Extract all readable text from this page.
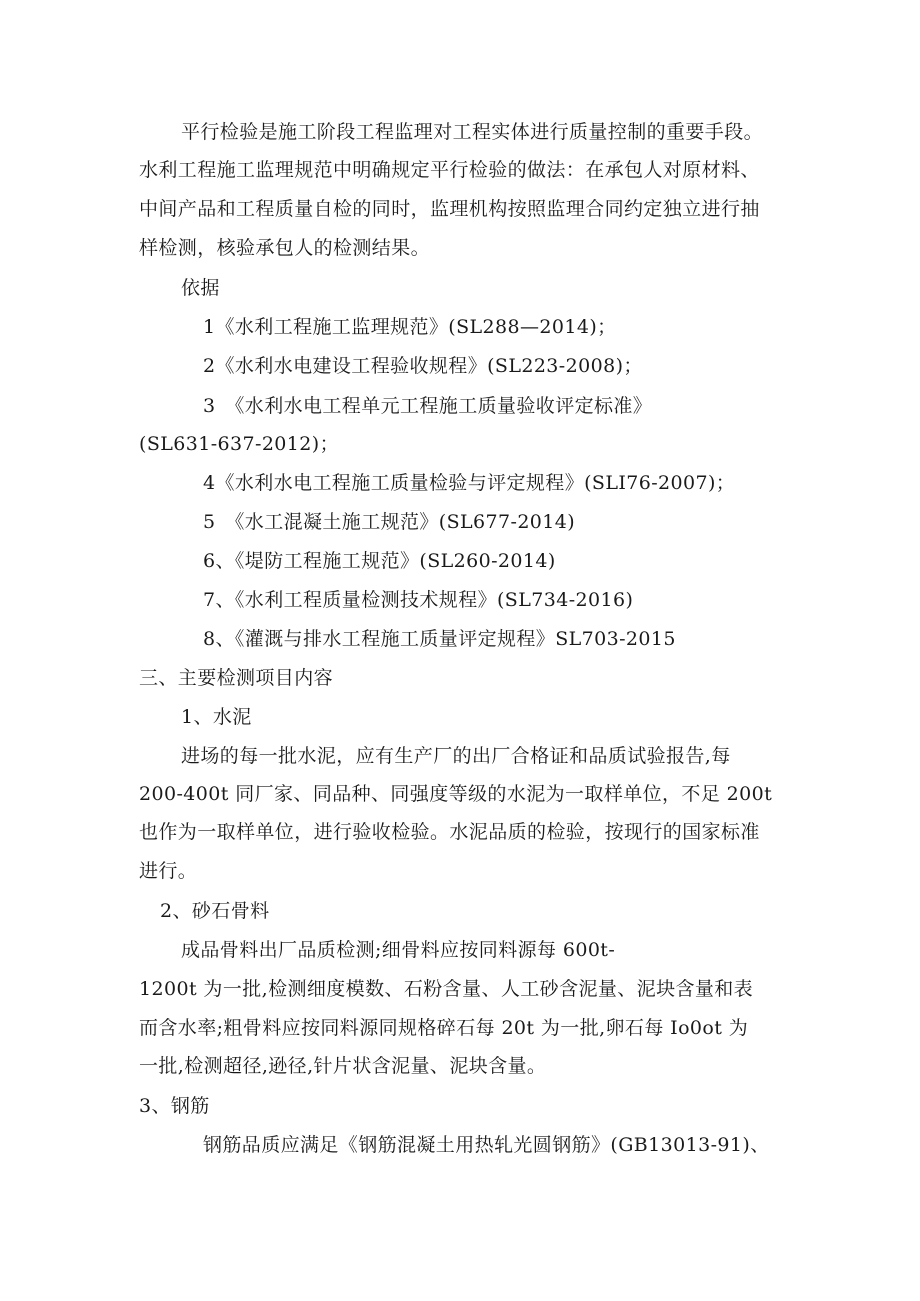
平行检验是施工阶段工程监理对工程实体进行质量控制的重要手段。
水利工程施工监理规范中明确规定平行检验的做法：在承包人对原材料、
中间产品和工程质量自检的同时，监理机构按照监理合同约定独立进行抽
样检测，核验承包人的检测结果。
依据
1《水利工程施工监理规范》(SL288—2014)；
2《水利水电建设工程验收规程》(SL223-2008)；
3　《水利水电工程单元工程施工质量验收评定标准》
(SL631-637-2012)；
4《水利水电工程施工质量检验与评定规程》(SLI76-2007)；
5　《水工混凝土施工规范》(SL677-2014)
6、《堤防工程施工规范》(SL260-2014)
7、《水利工程质量检测技术规程》(SL734-2016)
8、《灌溉与排水工程施工质量评定规程》SL703-2015
三、主要检测项目内容
1、水泥
进场的每一批水泥，应有生产厂的出厂合格证和品质试验报告,每
200-400t 同厂家、同品种、同强度等级的水泥为一取样单位，不足 200t
也作为一取样单位，进行验收检验。水泥品质的检验，按现行的国家标准
进行。
2、砂石骨料
成品骨料出厂品质检测;细骨料应按同料源每 600t-
1200t 为一批,检测细度模数、石粉含量、人工砂含泥量、泥块含量和表
而含水率;粗骨料应按同料源同规格碎石每 20t 为一批,卵石每 Io0ot 为
一批,检测超径,逊径,针片状含泥量、泥块含量。
3、钢筋
钢筋品质应满足《钢筋混凝土用热轧光圆钢筋》(GB13013-91)、
